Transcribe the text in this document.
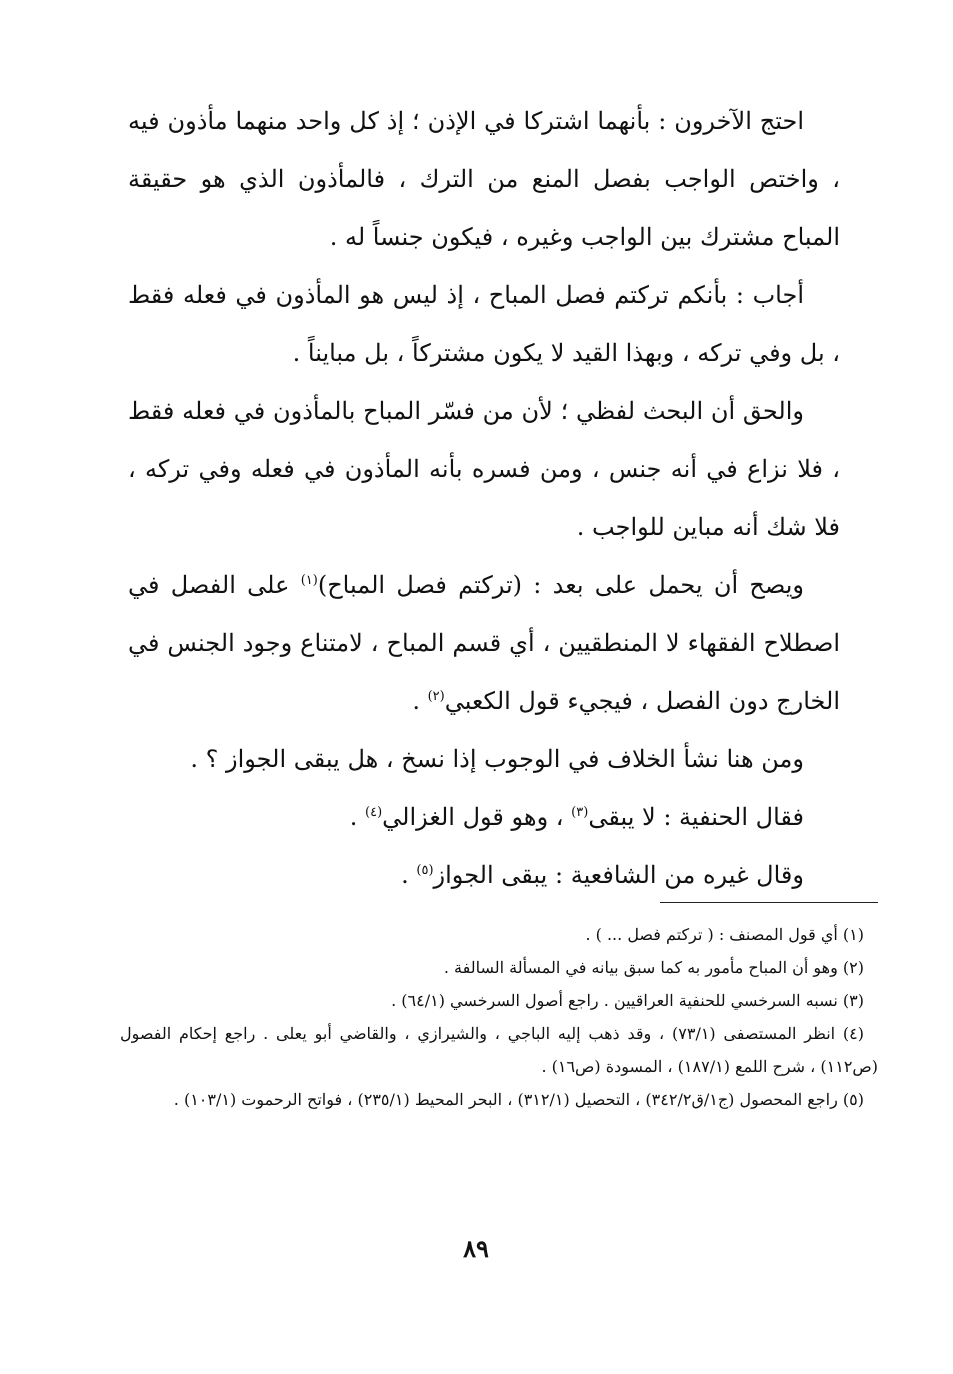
احتج الآخرون : بأنهما اشتركا في الإذن ؛ إذ كل واحد منهما مأذون فيه ، واختص الواجب بفصل المنع من الترك ، فالمأذون الذي هو حقيقة المباح مشترك بين الواجب وغيره ، فيكون جنساً له .

أجاب : بأنكم تركتم فصل المباح ، إذ ليس هو المأذون في فعله فقط ، بل وفي تركه ، وبهذا القيد لا يكون مشتركاً ، بل مبايناً .

والحق أن البحث لفظي ؛ لأن من فسّر المباح بالمأذون في فعله فقط ، فلا نزاع في أنه جنس ، ومن فسره بأنه المأذون في فعله وفي تركه ، فلا شك أنه مباين للواجب .

ويصح أن يحمل على بعد : (تركتم فصل المباح)$^{(١)}$ على الفصل في اصطلاح الفقهاء لا المنطقيين ، أي قسم المباح ، لامتناع وجود الجنس في الخارج دون الفصل ، فيجيء قول الكعبي$^{(٢)}$ .

ومن هنا نشأ الخلاف في الوجوب إذا نسخ ، هل يبقى الجواز ؟ .

فقال الحنفية : لا يبقى$^{(٣)}$ ، وهو قول الغزالي$^{(٤)}$ .

وقال غيره من الشافعية : يبقى الجواز$^{(٥)}$ .

(١) أي قول المصنف : ( تركتم فصل ... ) .

(٢) وهو أن المباح مأمور به كما سبق بيانه في المسألة السالفة .

(٣) نسبه السرخسي للحنفية العراقيين . راجع أصول السرخسي (٦٤/١) .

(٤) انظر المستصفى (٧٣/١) ، وقد ذهب إليه الباجي ، والشيرازي ، والقاضي أبو يعلى . راجع إحكام الفصول (ص١١٢) ، شرح اللمع (١٨٧/١) ، المسودة (ص١٦) .

(٥) راجع المحصول (ج١/ق٣٤٢/٢) ، التحصيل (٣١٢/١) ، البحر المحيط (٢٣٥/١) ، فواتح الرحموت (١٠٣/١) .

٨٩
